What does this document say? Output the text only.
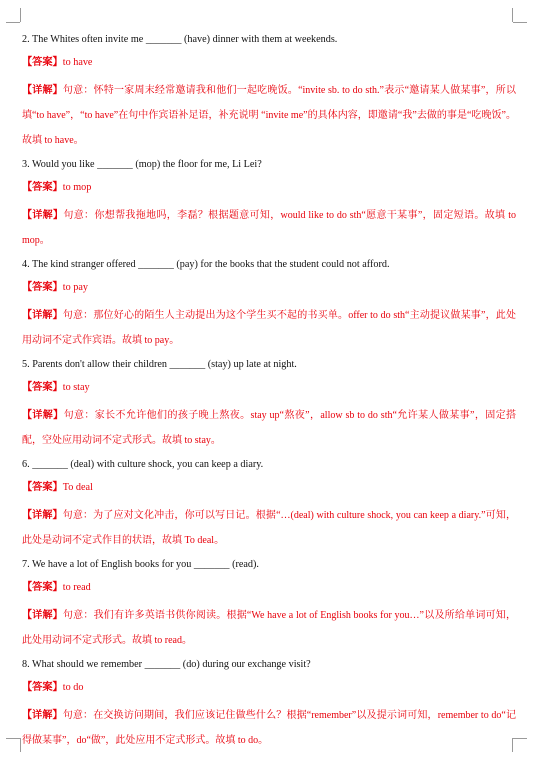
2. The Whites often invite me _______ (have) dinner with them at weekends.

【答案】to have

【详解】句意：怀特一家周末经常邀请我和他们一起吃晚饭。“invite sb. to do sth.”表示“邀请某人做某事”，所以填“to have”，“to have”在句中作宾语补足语，补充说明 “invite me”的具体内容，即邀请“我”去做的事是“吃晚饭”。故填 to have。

3. Would you like _______ (mop) the floor for me, Li Lei?

【答案】to mop

【详解】句意：你想帮我拖地吗，李磊？根据题意可知，would like to do sth“愿意干某事”，固定短语。故填 to mop。

4. The kind stranger offered _______ (pay) for the books that the student could not afford.

【答案】to pay

【详解】句意：那位好心的陌生人主动提出为这个学生买不起的书买单。offer to do sth“主动提议做某事”，此处用动词不定式作宾语。故填 to pay。

5. Parents don't allow their children _______ (stay) up late at night.

【答案】to stay

【详解】句意：家长不允许他们的孩子晚上熬夜。stay up“熬夜”，allow sb to do sth“允许某人做某事”，固定搭配，空处应用动词不定式形式。故填 to stay。

6. _______ (deal) with culture shock, you can keep a diary.

【答案】To deal

【详解】句意：为了应对文化冲击，你可以写日记。根据“…(deal) with culture shock, you can keep a diary.”可知，此处是动词不定式作目的状语，故填 To deal。

7. We have a lot of English books for you _______ (read).

【答案】to read

【详解】句意：我们有许多英语书供你阅读。根据“We have a lot of English books for you…”以及所给单词可知，此处用动词不定式形式。故填 to read。

8. What should we remember _______ (do) during our exchange visit?

【答案】to do

【详解】句意：在交换访问期间，我们应该记住做些什么？根据“remember”以及提示词可知，remember to do“记得做某事”，do“做”，此处应用不定式形式。故填 to do。
